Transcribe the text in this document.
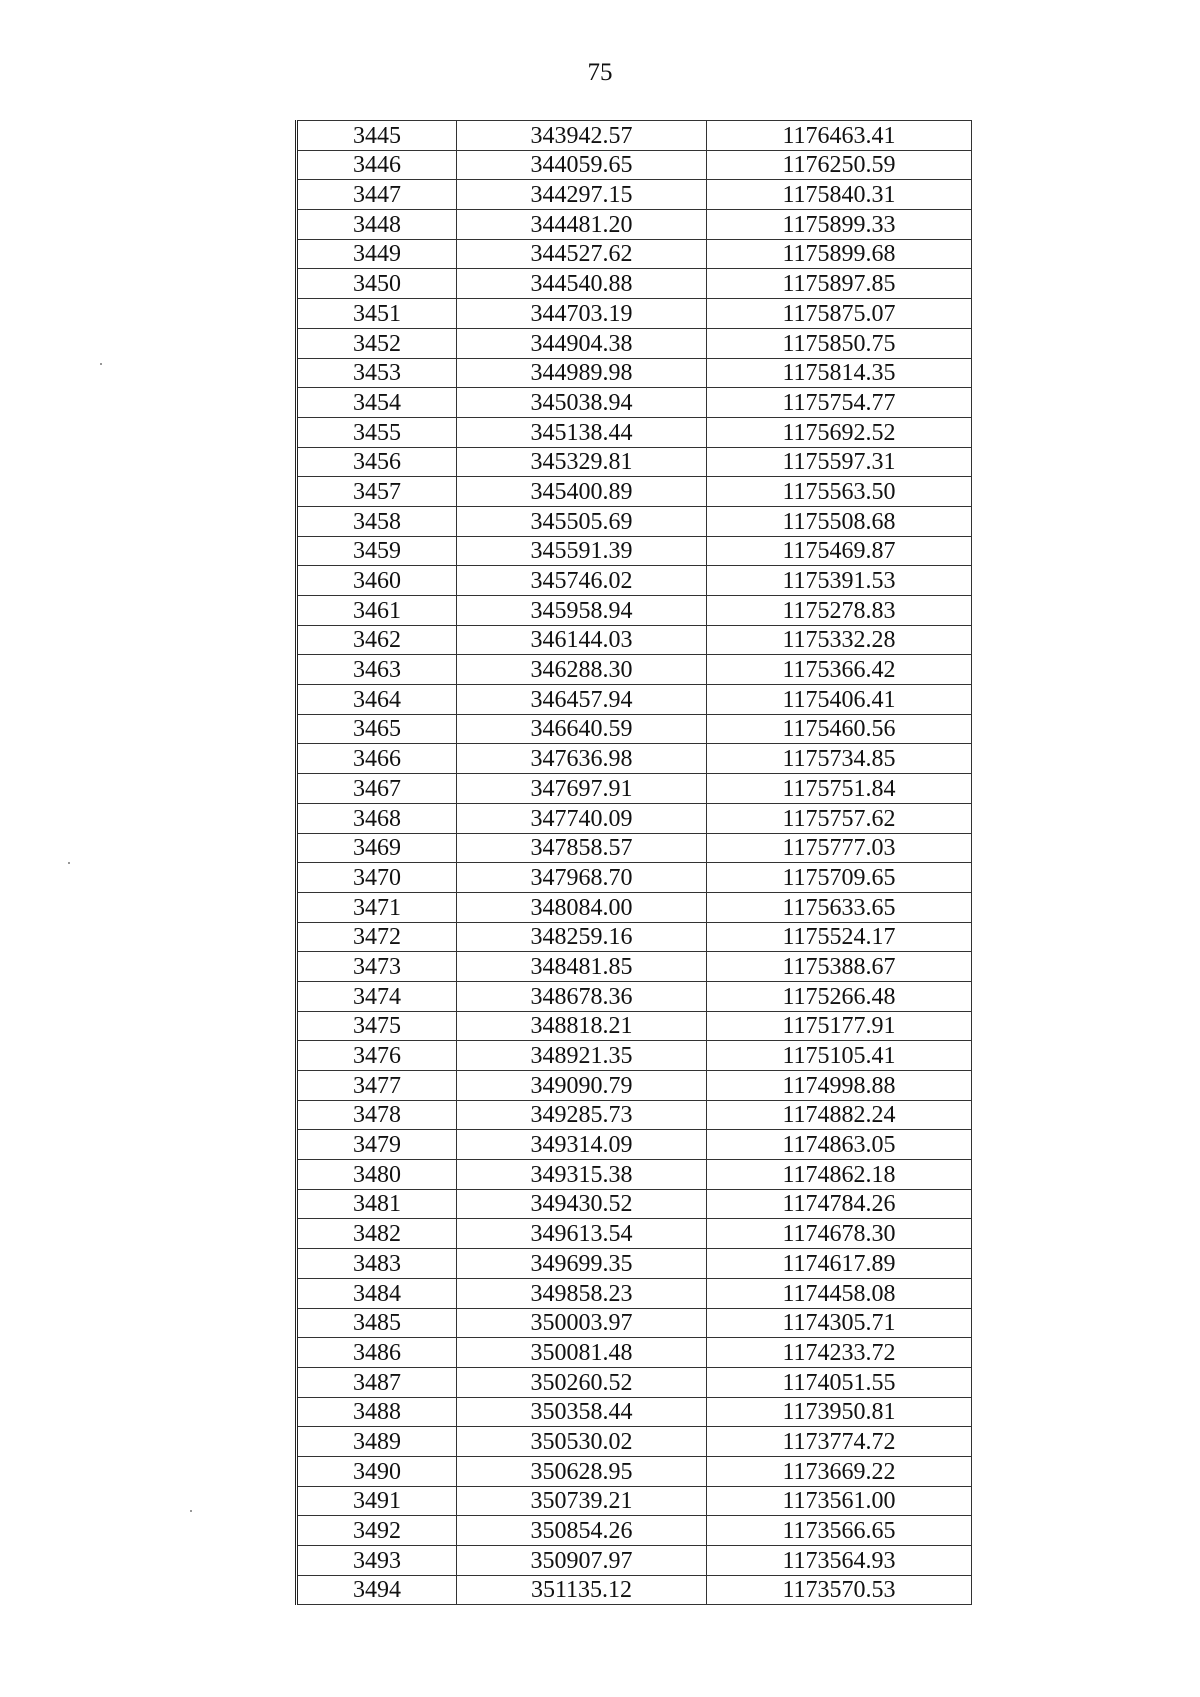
75
3445	343942.57	1176463.41
3446	344059.65	1176250.59
3447	344297.15	1175840.31
3448	344481.20	1175899.33
3449	344527.62	1175899.68
3450	344540.88	1175897.85
3451	344703.19	1175875.07
3452	344904.38	1175850.75
3453	344989.98	1175814.35
3454	345038.94	1175754.77
3455	345138.44	1175692.52
3456	345329.81	1175597.31
3457	345400.89	1175563.50
3458	345505.69	1175508.68
3459	345591.39	1175469.87
3460	345746.02	1175391.53
3461	345958.94	1175278.83
3462	346144.03	1175332.28
3463	346288.30	1175366.42
3464	346457.94	1175406.41
3465	346640.59	1175460.56
3466	347636.98	1175734.85
3467	347697.91	1175751.84
3468	347740.09	1175757.62
3469	347858.57	1175777.03
3470	347968.70	1175709.65
3471	348084.00	1175633.65
3472	348259.16	1175524.17
3473	348481.85	1175388.67
3474	348678.36	1175266.48
3475	348818.21	1175177.91
3476	348921.35	1175105.41
3477	349090.79	1174998.88
3478	349285.73	1174882.24
3479	349314.09	1174863.05
3480	349315.38	1174862.18
3481	349430.52	1174784.26
3482	349613.54	1174678.30
3483	349699.35	1174617.89
3484	349858.23	1174458.08
3485	350003.97	1174305.71
3486	350081.48	1174233.72
3487	350260.52	1174051.55
3488	350358.44	1173950.81
3489	350530.02	1173774.72
3490	350628.95	1173669.22
3491	350739.21	1173561.00
3492	350854.26	1173566.65
3493	350907.97	1173564.93
3494	351135.12	1173570.53
